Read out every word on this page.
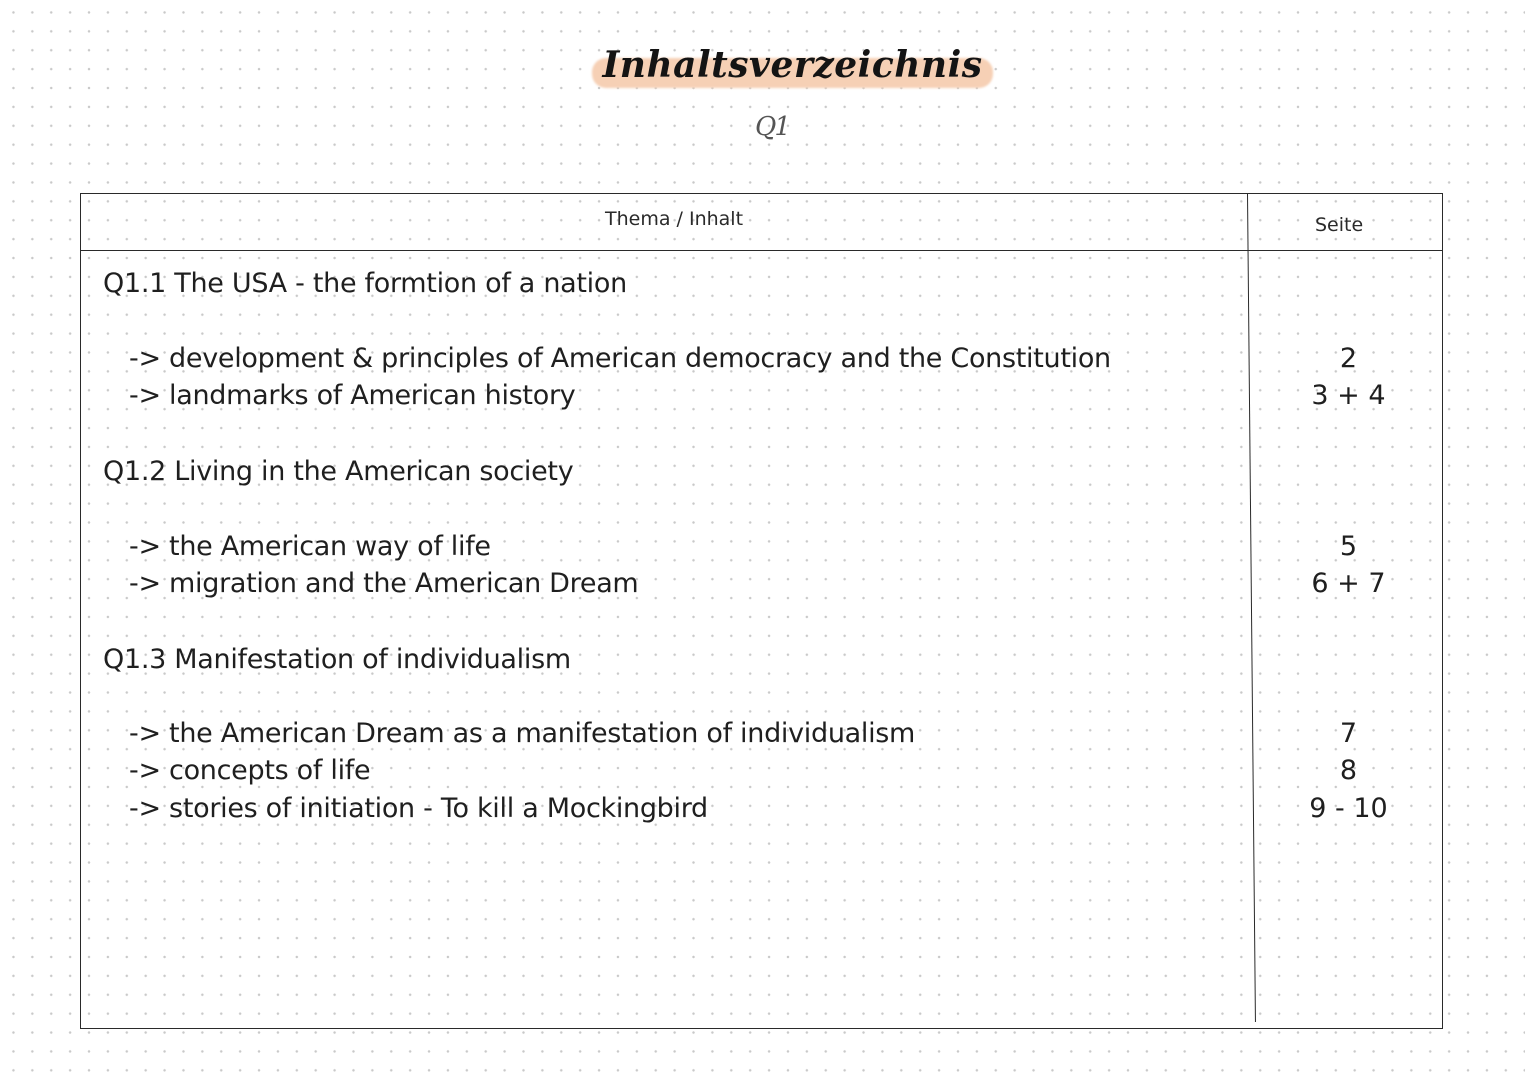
Inhaltsverzeichnis
Q1
Thema / Inhalt	Seite
Q1.1 The USA - the formtion of a nation
-> development & principles of American democracy and the Constitution	2
-> landmarks of American history	3 + 4
Q1.2 Living in the American society
-> the American way of life	5
-> migration and the American Dream	6 + 7
Q1.3 Manifestation of individualism
-> the American Dream as a manifestation of individualism	7
-> concepts of life	8
-> stories of initiation - To kill a Mockingbird	9 - 10
